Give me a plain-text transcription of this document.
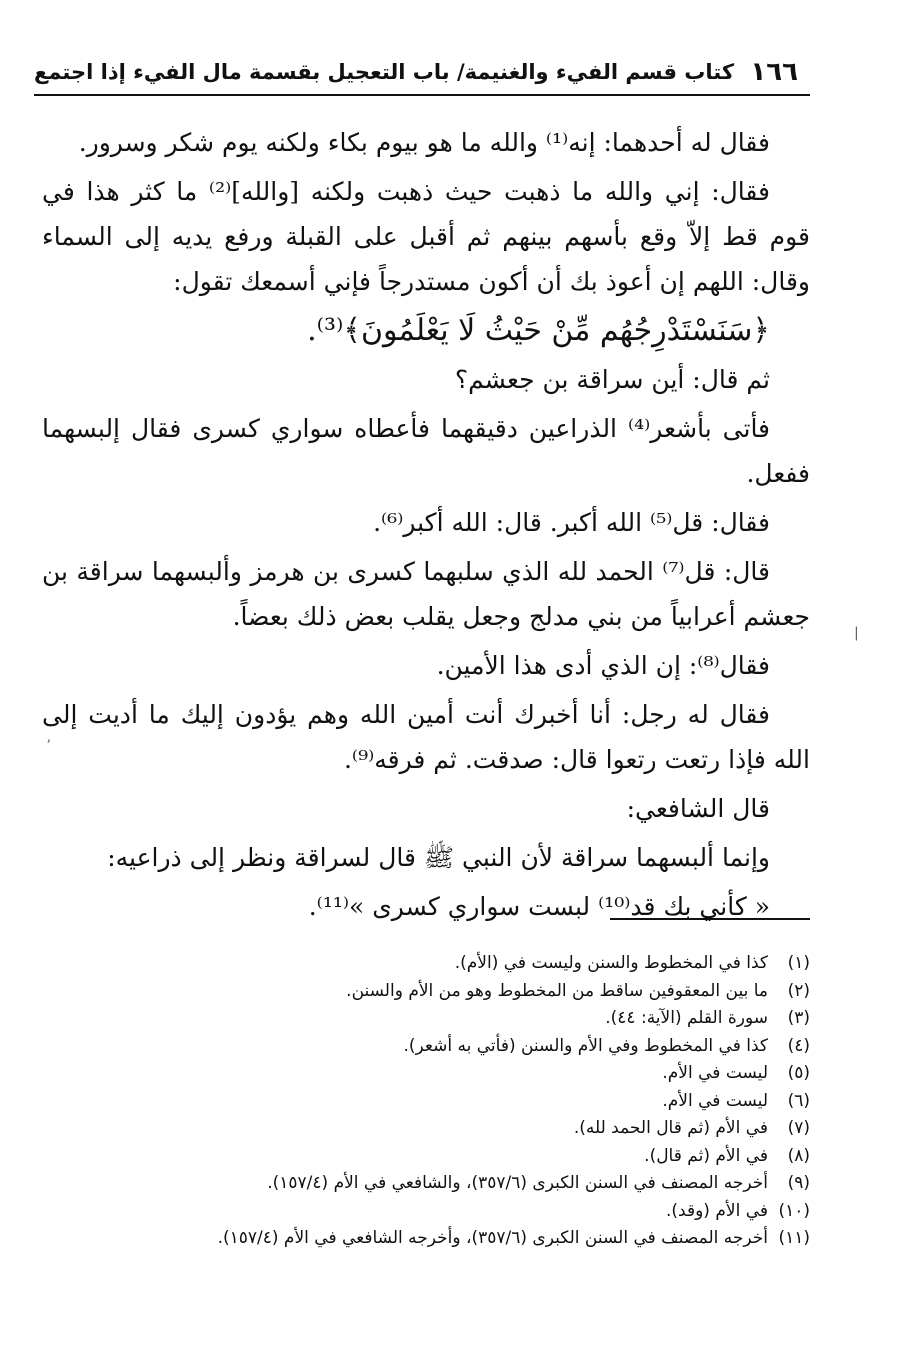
١٦٦
كتاب قسم الفيء والغنيمة/ باب التعجيل بقسمة مال الفيء إذا اجتمع

فقال له أحدهما: إنه⁽¹⁾ والله ما هو بيوم بكاء ولكنه يوم شكر وسرور.

فقال: إني والله ما ذهبت حيث ذهبت ولكنه [والله]⁽²⁾ ما كثر هذا في قوم قط إلاّ وقع بأسهم بينهم ثم أقبل على القبلة ورفع يديه إلى السماء وقال: اللهم إن أعوذ بك أن أكون مستدرجاً فإني أسمعك تقول:

﴿سَنَسْتَدْرِجُهُم مِّنْ حَيْثُ لَا يَعْلَمُونَ﴾⁽³⁾.

ثم قال: أين سراقة بن جعشم؟

فأتى بأشعر⁽⁴⁾ الذراعين دقيقهما فأعطاه سواري كسرى فقال إلبسهما ففعل.

فقال: قل⁽⁵⁾ الله أكبر. قال: الله أكبر⁽⁶⁾.

قال: قل⁽⁷⁾ الحمد لله الذي سلبهما كسرى بن هرمز وألبسهما سراقة بن جعشم أعرابياً من بني مدلج وجعل يقلب بعض ذلك بعضاً.

فقال⁽⁸⁾: إن الذي أدى هذا الأمين.

فقال له رجل: أنا أخبرك أنت أمين الله وهم يؤدون إليك ما أديت إلى الله فإذا رتعت رتعوا قال: صدقت. ثم فرقه⁽⁹⁾.

قال الشافعي:

وإنما ألبسهما سراقة لأن النبي ﷺ قال لسراقة ونظر إلى ذراعيه:

« كأني بك قد⁽¹⁰⁾ لبست سواري كسرى »⁽¹¹⁾.

|
ʼ
(١)كذا في المخطوط والسنن وليست في (الأم).
(٢)ما بين المعقوفين ساقط من المخطوط وهو من الأم والسنن.
(٣)سورة القلم (الآية: ٤٤).
(٤)كذا في المخطوط وفي الأم والسنن (فأتي به أشعر).
(٥)ليست في الأم.
(٦)ليست في الأم.
(٧)في الأم (ثم قال الحمد لله).
(٨)في الأم (ثم قال).
(٩)أخرجه المصنف في السنن الكبرى (٣٥٧/٦)، والشافعي في الأم (١٥٧/٤).
(١٠)في الأم (وقد).
(١١)أخرجه المصنف في السنن الكبرى (٣٥٧/٦)، وأخرجه الشافعي في الأم (١٥٧/٤).
